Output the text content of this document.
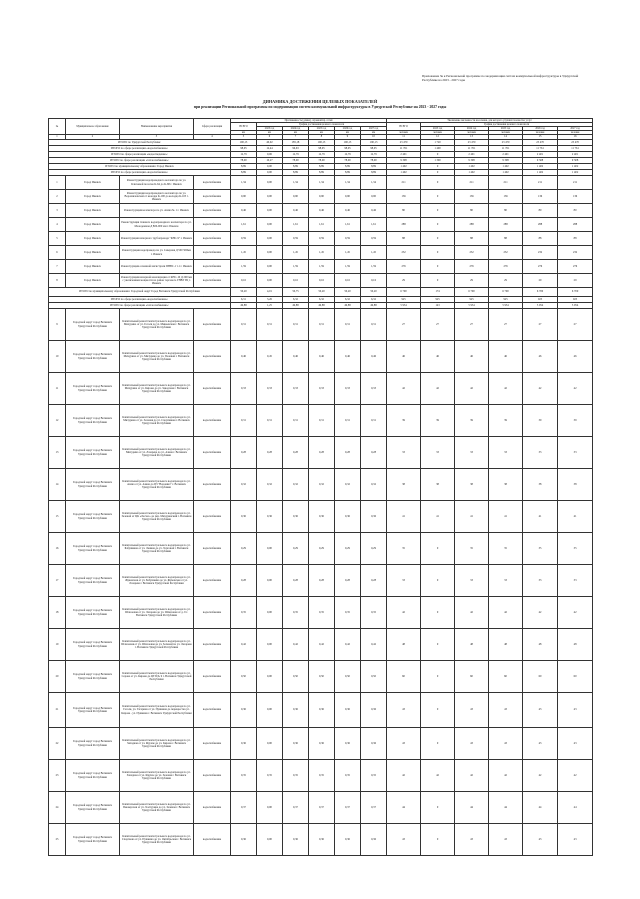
Приложение 3к к Региональной программе по модернизации систем коммунальной инфраструктуры в Удмуртской Республике на 2023 - 2027 годы
ДИНАМИКА ДОСТИЖЕНИЯ ЦЕЛЕВЫХ ПОКАЗАТЕЛЕЙ
при реализации Региональной программы по модернизации систем коммунальной инфраструктуры в Удмуртской Республике на 2023 - 2027 годы
№	Муниципальное образование	Наименование мероприятия	Сфера реализации	Протяженность (длина), отремонтир. сетей						Увеличение численности населения, для которого улучшатся качество услуг					
				ВСЕГО	График достижения целевого показателя					ВСЕГО	График достижения целевого показателя				
					2023 год	2024 год	2025 год	2026 год	2027 год		2023 год	2024 год	2025 год	2026 год	2027 год
				км	км	км	км	км	км	человек	человек	человек	человек	человек	человек
1	2	3	4	5	6	7	8	9	10	11	12	13	14	15	16
ИТОГО по Удмуртской Республике:				190,13	40,02	185,18	190,13	190,13	190,13	23 470	1 720	23 470	23 470	23 470	23 470
ИТОГО по сфере реализации «водоснабжение»:				98,95	12,44	96,63	98,95	98,95	98,95	11 761	1 400	11 761	11 761	11 761	11 761
ИТОГО по сфере реализации «водоотведение»:				12,79	0,06	12,79	12,79	12,79	12,79	2 401	0	2 401	2 401	2 401	2 401
ИТОГО по сфере реализации «теплоснабжение»:				78,00	10,27	78,00	78,00	78,00	78,00	9 308	1 300	9 308	9 308	9 308	9 308
ИТОГО по муниципальному образованию: Город Ижевск				8,89	0,00	8,89	8,89	8,89	8,89	1 402	0	1 402	1 402	1 402	1 402
ИТОГО по сфере реализации «водоснабжение»:				8,89	0,00	8,89	8,89	8,89	8,89	1 402	0	1 402	1 402	1 402	1 402
1	Город Ижевск	Реконструкция водопроводного коллектора по ул. Ключевой поселок К-64 до К-68 г. Ижевск	водоснабжение	1,34	0,00	1,34	1,34	1,34	1,34	211	0	211	211	211	211
2	Город Ижевск	Реконструкция водопроводного коллектора по ул. Ворошиловской от колодца К-100 до колодца К-103 г. Ижевск	водоснабжение	0,90	0,00	0,90	0,90	0,90	0,90	136	0	136	136	136	136
3	Город Ижевск	Реконструкция коллектора по ул. Азина № 1 г. Ижевск	водоснабжение	0,46	0,00	0,46	0,46	0,46	0,46	80	0	80	80	80	80
4	Город Ижевск	Реконструкция главного водопроводного коллектора по ул. Молодежная Д 800-900 мм г. Ижевск	водоснабжение	1,61	0,00	1,61	1,61	1,61	1,61	288	0	288	288	288	288
5	Город Ижевск	Реконструкция напорного трубопровода "КНС-9" г. Ижевск	водоснабжение	0,59	0,00	0,59	0,59	0,59	0,59	88	0	88	88	88	88
6	Город Ижевск	Реконструкция водопровода по ул. Северная Д 500 500мм г. Ижевск	водоснабжение	1,45	0,00	1,45	1,45	1,45	1,45	232	0	232	232	232	232
7	Город Ижевск	Реконструкция основной магистрали ПНВС-1 т.1 г. Ижевск	водоснабжение	1,59	0,00	1,59	1,59	1,59	1,59	276	0	276	276	276	276
8	Город Ижевск	Реконструкция напорной канализации от КНС-10 Д 200 мм с увеличением мощности на район торгового ГНВЗ ТЦ г. Ижевск	водоснабжение	0,16	0,00	0,16	0,16	0,16	0,16	29	0	29	29	29	29
ИТОГО по муниципальному образованию: Городской округ Город Воткинск Удмуртской Республики				50,20	4,01	50,75	50,20	50,20	50,20	6 700	174	6 700	6 700	6 700	6 700
ИТОГО по сфере реализации «водоснабжение»:				6,31	3,26	6,32	6,32	6,32	6,32	925	925	925	925	925	925
ИТОГО по сфере реализации «теплоснабжение»:				49,88	1,25	49,88	49,88	49,88	49,88	5 954	143	5 954	5 954	5 954	5 954
9	Городской округ город Воткинск Удмуртской Республики	Капитальный ремонт магистрального водопровода по ул. Мичурина от ул. Гоголя до ул. Минеевская г. Воткинск Удмуртской Республики	водоснабжение	0,31	0,31	0,31	0,31	0,31	0,31	27	27	27	27	27	27
10	Городской округ город Воткинск Удмуртской Республики	Капитальный ремонт магистрального водопровода по ул. Мичурина от ул. Мичурина до ул. Полевой г. Воткинск Удмуртской Республики	водоснабжение	0,46	0,45	0,46	0,46	0,46	0,46	46	46	46	46	46	46
11	Городской округ город Воткинск Удмуртской Республики	Капитальный ремонт магистрального водопровода по ул. Мичурина от ул. Кирова до ул. Заводская г. Воткинск Удмуртской Республики	водоснабжение	0,33	0,33	0,33	0,33	0,33	0,33	42	42	42	42	42	42
12	Городской округ город Воткинск Удмуртской Республики	Капитальный ремонт магистрального водопровода по ул. Мичурина от ул. Зеленая до ул. Спортивная г. Воткинск Удмуртской Республики	водоснабжение	0,31	0,31	0,31	0,31	0,31	0,31	39	39	39	39	39	39
13	Городской округ город Воткинск Удмуртской Республики	Капитальный ремонт магистрального водопровода по ул. Мичурина от ул. Лазарева до ул. Азина г. Воткинск Удмуртской Республики	водоснабжение	0,28	0,28	0,28	0,28	0,28	0,28	33	33	33	33	33	33
14	Городской округ город Воткинск Удмуртской Республики	Капитальный ремонт магистрального водопровода по ул. Азина от ул. Азина до ПЗ "Ворошил" г. Воткинск Удмуртской Республики	водоснабжение	0,32	0,32	0,32	0,32	0,32	0,32	38	38	38	38	38	38
15	Городской округ город Воткинск Удмуртской Республики	Капитальный ремонт магистрального водопровода по ул. Зеленой от ЦК «Лесхоз» до пер. Мичуринский г. Воткинск Удмуртской Республики	водоснабжение	0,36	0,36	0,36	0,36	0,36	0,36	41	41	41	41	41	41
16	Городской округ город Воткинск Удмуртской Республики	Капитальный ремонт магистрального водопровода по ул. Бабушкина от ул. Ленина до ул. Торговой г. Воткинск Удмуртской Республики	водоснабжение	0,29	0,00	0,29	0,29	0,29	0,29	35	0	35	35	35	35
17	Городской округ город Воткинск Удмуртской Республики	Капитальный ремонт магистрального водопровода по ул. Жуковская от ул. Бабушкина до ул. Жуковская от ул. Лазарева г. Воткинск Удмуртской Республики	водоснабжение	0,28	0,00	0,28	0,28	0,28	0,28	33	0	33	33	33	33
18	Городской округ город Воткинск Удмуртской Республики	Капитальный ремонт магистрального водопровода по ул. Шлюзовая от ул. Лазарева до ул. Шлюзовая от д. 9 г. Воткинск Удмуртской Республики	водоснабжение	0,35	0,00	0,35	0,35	0,35	0,35	42	0	42	42	42	42
19	Городской округ город Воткинск Удмуртской Республики	Капитальный ремонт магистрального водопровода по ул. Шлюзовая от ул. Шлюзовая до ул. Зеленой по ул. Лазарева г. Воткинск Удмуртской Республики	водоснабжение	0,42	0,00	0,42	0,42	0,42	0,42	48	0	48	48	48	48
20	Городской округ город Воткинск Удмуртской Республики	Капитальный ремонт магистрального водопровода по ул. Серова от ул. Кирова до ЦТП № 9 г. Воткинск Удмуртской Республики	водоснабжение	0,50	0,00	0,50	0,50	0,50	0,50	60	0	60	60	60	60
21	Городской округ город Воткинск Удмуртской Республики	Капитальный ремонт магистрального водопровода по ул. Гоголя, ул. Гагарина от ул. Пушкина до перекрестка ул. Кирова - ул. Пушкина г. Воткинск Удмуртской Республики	водоснабжение	0,36	0,00	0,36	0,36	0,36	0,36	43	0	43	43	43	43
22	Городской округ город Воткинск Удмуртской Республики	Капитальный ремонт магистрального водопровода по ул. Западная от ул. Фрунзе до ул. Кирова г. Воткинск Удмуртской Республики	водоснабжение	0,36	0,00	0,36	0,36	0,36	0,36	43	0	43	43	43	43
23	Городской округ город Воткинск Удмуртской Республики	Капитальный ремонт магистрального водопровода по ул. Западная от ул. Фрунзе до ул. Зеленая г. Воткинск Удмуртской Республики	водоснабжение	0,35	0,35	0,35	0,35	0,35	0,35	42	42	42	42	42	42
24	Городской округ город Воткинск Удмуртской Республики	Капитальный ремонт магистрального водопровода по ул. Пионерская от ул. Халтурина до ул. Зеленая г. Воткинск Удмуртской Республики	водоснабжение	0,37	0,00	0,37	0,37	0,37	0,37	44	0	44	44	44	44
25	Городской округ город Воткинск Удмуртской Республики	Капитальный ремонт магистрального водопровода по ул. Спорткова от ул. Пушкина до ул. Октябрьская г. Воткинск Удмуртской Республики	водоснабжение	0,36	0,00	0,36	0,36	0,36	0,36	43	0	43	43	43	43
